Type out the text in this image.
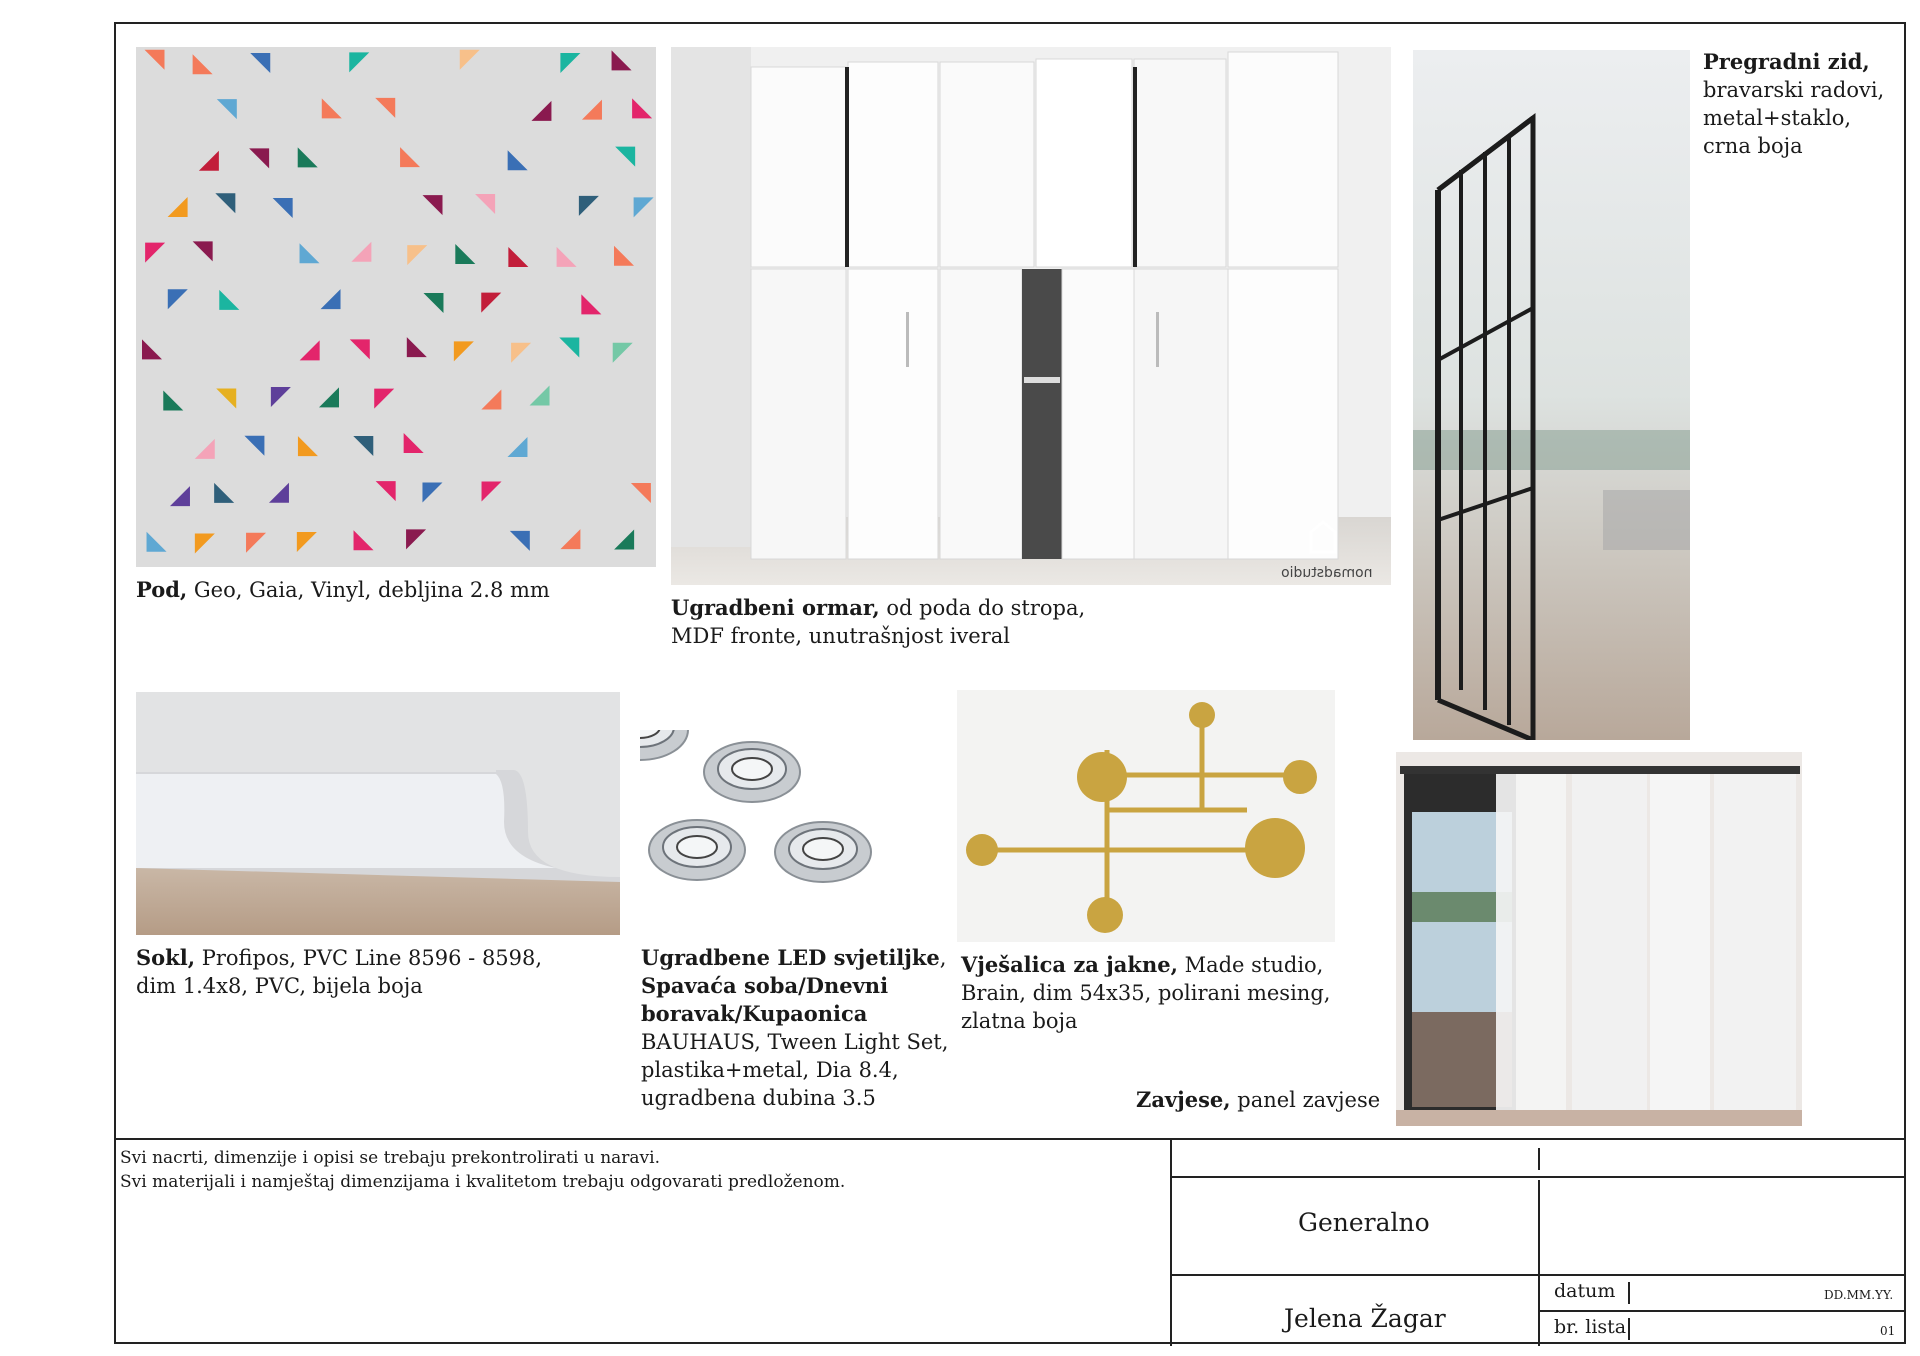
Pod, Geo, Gaia, Vinyl, debljina 2.8 mm
nomadstudio
Ugradbeni ormar, od poda do stropa,
MDF fronte, unutrašnjost iveral
Pregradni zid,
bravarski radovi,
metal+staklo,
crna boja
Sokl, Profipos, PVC Line 8596 - 8598,
dim 1.4x8, PVC, bijela boja
Ugradbene LED svjetiljke,
Spavaća soba/Dnevni
boravak/Kupaonica
BAUHAUS, Tween Light Set,
plastika+metal, Dia 8.4,
ugradbena dubina 3.5
Vješalica za jakne, Made studio,
Brain, dim 54x35, polirani mesing,
zlatna boja
Zavjese, panel zavjese
Svi nacrti, dimenzije i opisi se trebaju prekontrolirati u naravi.
Svi materijali i namještaj dimenzijama i kvalitetom trebaju odgovarati predloženom.
Generalno
Jelena Žagar
datum	DD.MM.YY.
br. lista	01
